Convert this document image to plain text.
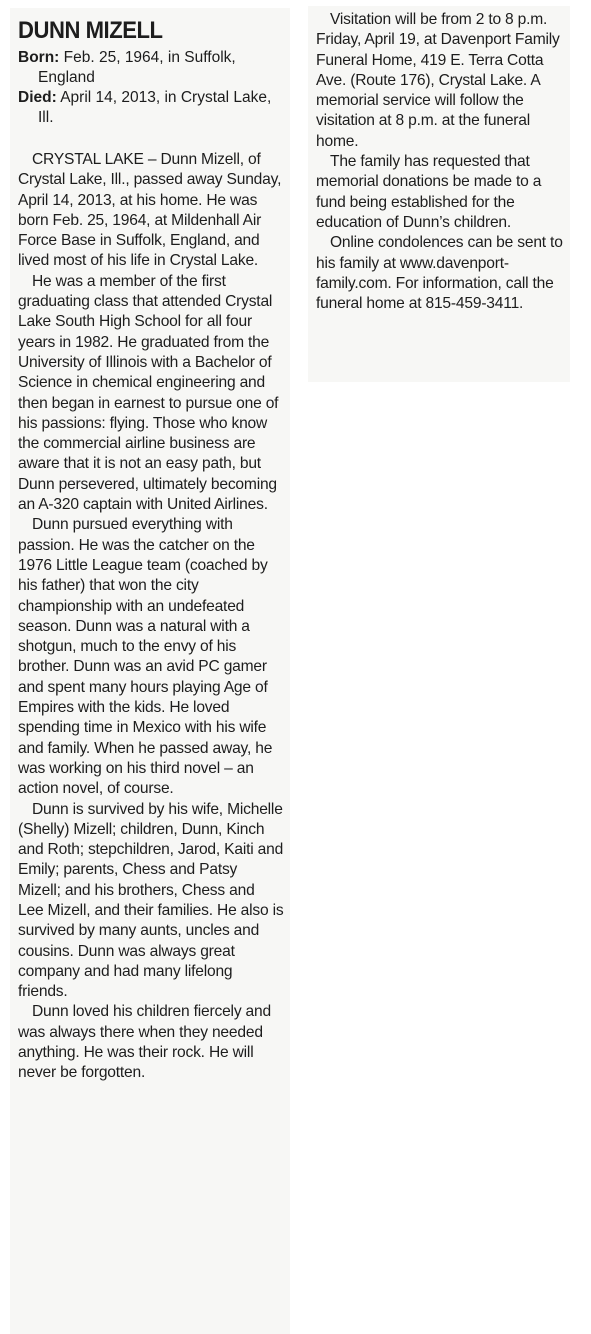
DUNN MIZELL

Born: Feb. 25, 1964, in Suffolk, England

Died: April 14, 2013, in Crystal Lake, Ill.

CRYSTAL LAKE – Dunn Mizell, of Crystal Lake, Ill., passed away Sunday, April 14, 2013, at his home. He was born Feb. 25, 1964, at Mildenhall Air Force Base in Suffolk, England, and lived most of his life in Crystal Lake.

He was a member of the first graduating class that attended Crystal Lake South High School for all four years in 1982. He graduated from the University of Illinois with a Bachelor of Science in chemical engineering and then began in earnest to pursue one of his passions: flying. Those who know the commercial airline business are aware that it is not an easy path, but Dunn persevered, ultimately becoming an A-320 captain with United Airlines.

Dunn pursued everything with passion. He was the catcher on the 1976 Little League team (coached by his father) that won the city championship with an undefeated season. Dunn was a natural with a shotgun, much to the envy of his brother. Dunn was an avid PC gamer and spent many hours playing Age of Empires with the kids. He loved spending time in Mexico with his wife and family. When he passed away, he was working on his third novel – an action novel, of course.

Dunn is survived by his wife, Michelle (Shelly) Mizell; children, Dunn, Kinch and Roth; stepchildren, Jarod, Kaiti and Emily; parents, Chess and Patsy Mizell; and his brothers, Chess and Lee Mizell, and their families. He also is survived by many aunts, uncles and cousins. Dunn was always great company and had many lifelong friends.

Dunn loved his children fiercely and was always there when they needed anything. He was their rock. He will never be forgotten.

Visitation will be from 2 to 8 p.m. Friday, April 19, at Davenport Family Funeral Home, 419 E. Terra Cotta Ave. (Route 176), Crystal Lake. A memorial service will follow the visitation at 8 p.m. at the funeral home.

The family has requested that memorial donations be made to a fund being established for the education of Dunn’s children.

Online condolences can be sent to his family at www.davenport-family.com. For information, call the funeral home at 815-459-3411.
